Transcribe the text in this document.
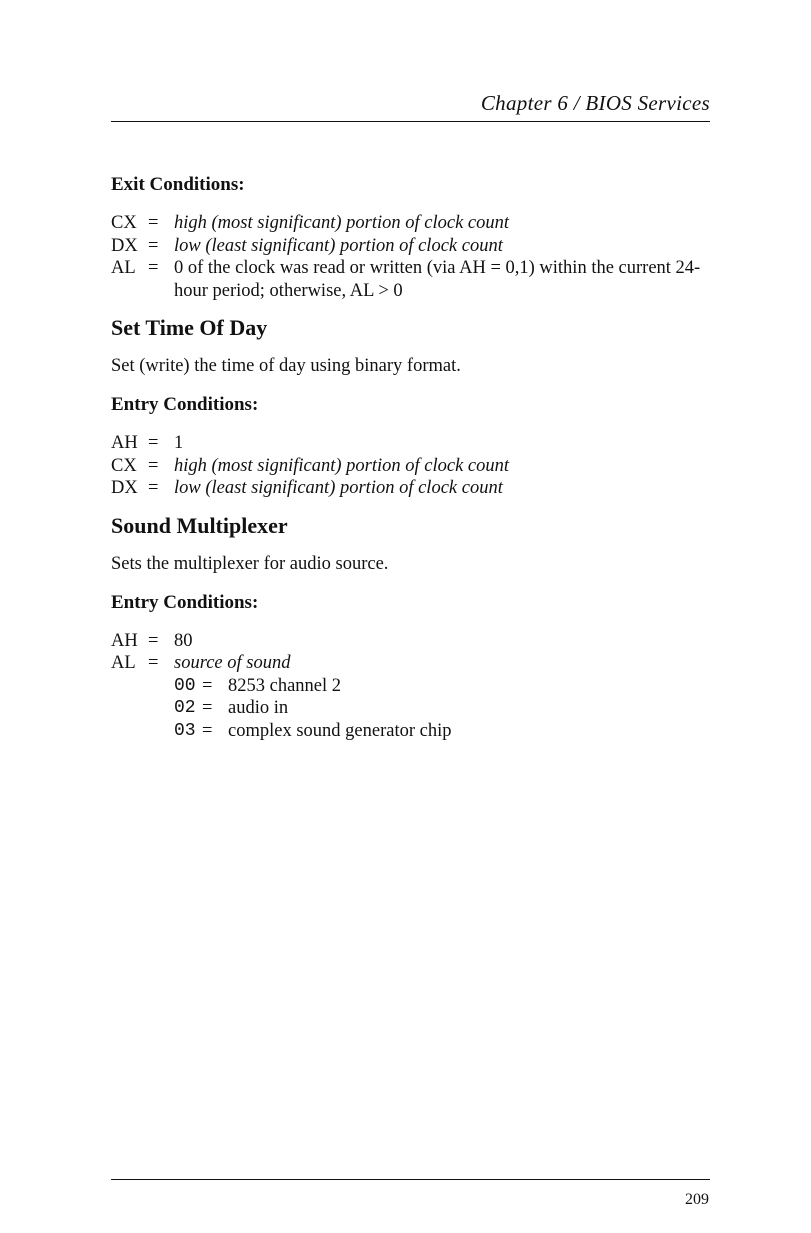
Chapter 6 / BIOS Services
Exit Conditions:
CX = high (most significant) portion of clock count
DX = low (least significant) portion of clock count
AL = 0 of the clock was read or written (via AH = 0,1) within the current 24-hour period; otherwise, AL > 0
Set Time Of Day

Set (write) the time of day using binary format.

Entry Conditions:
AH = 1
CX = high (most significant) portion of clock count
DX = low (least significant) portion of clock count
Sound Multiplexer

Sets the multiplexer for audio source.

Entry Conditions:
AH = 80
AL = source of sound
00 = 8253 channel 2
02 = audio in
03 = complex sound generator chip
209
